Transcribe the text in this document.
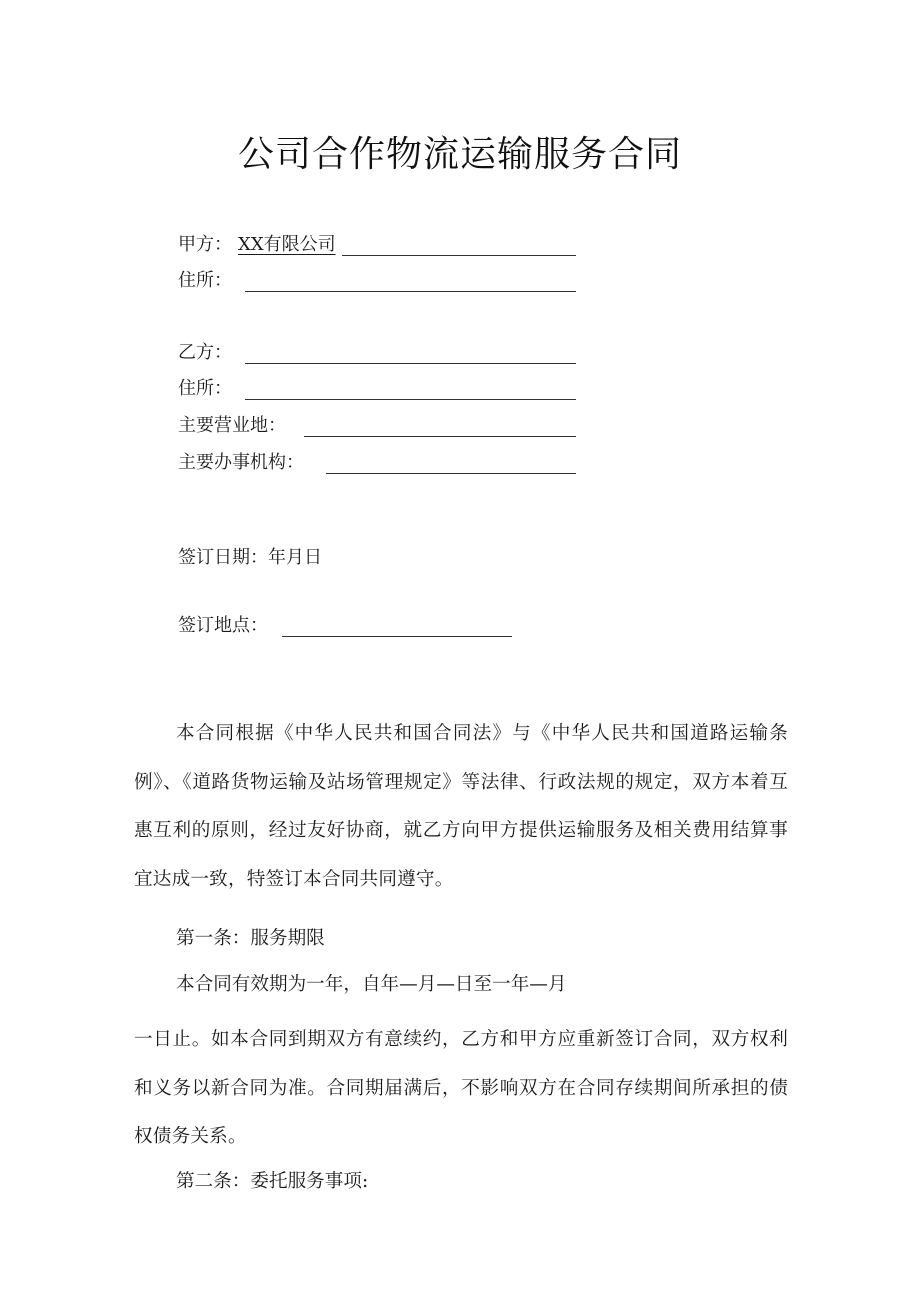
公司合作物流运输服务合同
甲方： XX有限公司
住所：
乙方：
住所：
主要营业地：
主要办事机构：
签订日期：年月日
签订地点：
本合同根据《中华人民共和国合同法》与《中华人民共和国道路运输条例》、《道路货物运输及站场管理规定》等法律、行政法规的规定，双方本着互惠互利的原则，经过友好协商，就乙方向甲方提供运输服务及相关费用结算事宜达成一致，特签订本合同共同遵守。
第一条：服务期限
本合同有效期为一年，自年—月—日至一年—月
一日止。如本合同到期双方有意续约，乙方和甲方应重新签订合同，双方权利和义务以新合同为准。合同期届满后，不影响双方在合同存续期间所承担的债权债务关系。
第二条：委托服务事项:
